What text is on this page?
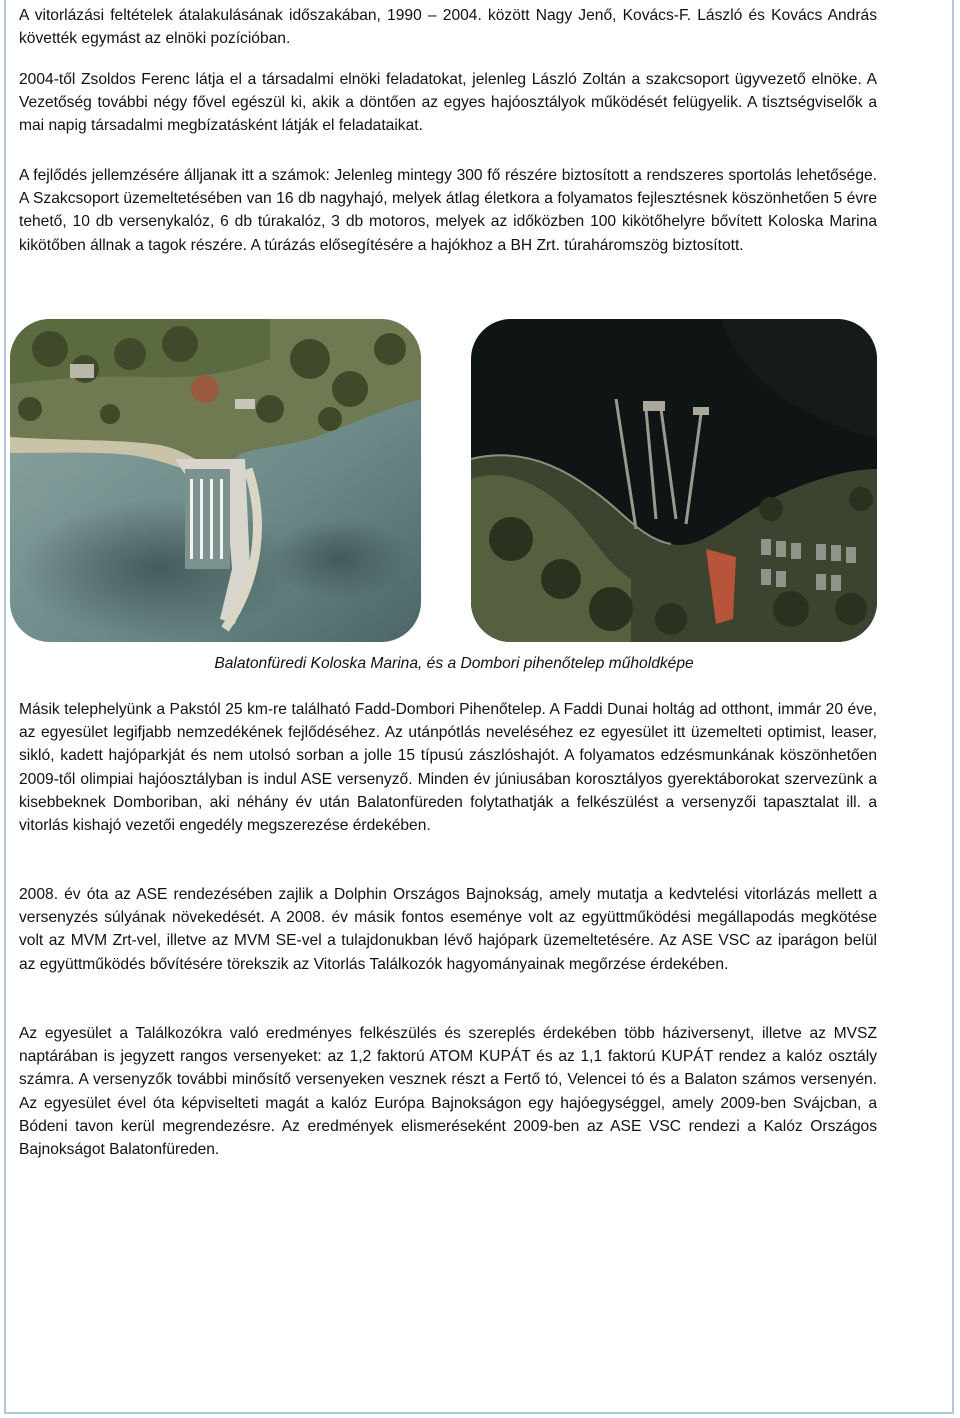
A vitorlázási feltételek átalakulásának időszakában, 1990 – 2004. között Nagy Jenő, Kovács-F. László és Kovács András követték egymást az elnöki pozícióban.

2004-től Zsoldos Ferenc látja el a társadalmi elnöki feladatokat, jelenleg László Zoltán a szakcsoport ügyvezető elnöke. A Vezetőség további négy fővel egészül ki, akik a döntően az egyes hajóosztályok működését felügyelik. A tisztségviselők a mai napig társadalmi megbízatásként látják el feladataikat.

A fejlődés jellemzésére álljanak itt a számok: Jelenleg mintegy 300 fő részére biztosított a rendszeres sportolás lehetősége. A Szakcsoport üzemeltetésében van 16 db nagyhajó, melyek átlag életkora a folyamatos fejlesztésnek köszönhetően 5 évre tehető, 10 db versenykalóz, 6 db túrakalóz, 3 db motoros, melyek az időközben 100 kikötőhelyre bővített Koloska Marina kikötőben állnak a tagok részére. A túrázás elősegítésére a hajókhoz a BH Zrt. túraháromszög biztosított.

Balatonfüredi Koloska Marina, és a Dombori pihenőtelep műholdképe

Másik telephelyünk a Pakstól 25 km-re található Fadd-Dombori Pihenőtelep. A Faddi Dunai holtág ad otthont, immár 20 éve, az egyesület legifjabb nemzedékének fejlődéséhez. Az utánpótlás neveléséhez ez egyesület itt üzemelteti optimist, leaser, sikló, kadett hajóparkját és nem utolsó sorban a jolle 15 típusú zászlóshajót. A folyamatos edzésmunkának köszönhetően 2009-től olimpiai hajóosztályban is indul ASE versenyző. Minden év júniusában korosztályos gyerektáborokat szervezünk a kisebbeknek Domboriban, aki néhány év után Balatonfüreden folytathatják a felkészülést a versenyzői tapasztalat ill. a vitorlás kishajó vezetői engedély megszerezése érdekében.

2008. év óta az ASE rendezésében zajlik a Dolphin Országos Bajnokság, amely mutatja a kedvtelési vitorlázás mellett a versenyzés súlyának növekedését. A 2008. év másik fontos eseménye volt az együttműködési megállapodás megkötése volt az MVM Zrt-vel, illetve az MVM SE-vel a tulajdonukban lévő hajópark üzemeltetésére. Az ASE VSC az iparágon belül az együttműködés bővítésére törekszik az Vitorlás Találkozók hagyományainak megőrzése érdekében.

Az egyesület a Találkozókra való eredményes felkészülés és szereplés érdekében több háziversenyt, illetve az MVSZ naptárában is jegyzett rangos versenyeket: az 1,2 faktorú ATOM KUPÁT és az 1,1 faktorú KUPÁT rendez a kalóz osztály számra. A versenyzők további minősítő versenyeken vesznek részt a Fertő tó, Velencei tó és a Balaton számos versenyén. Az egyesület ével óta képviselteti magát a kalóz Európa Bajnokságon egy hajóegységgel, amely 2009-ben Svájcban, a Bódeni tavon kerül megrendezésre. Az eredmények elismeréseként 2009-ben az ASE VSC rendezi a Kalóz Országos Bajnokságot Balatonfüreden.
